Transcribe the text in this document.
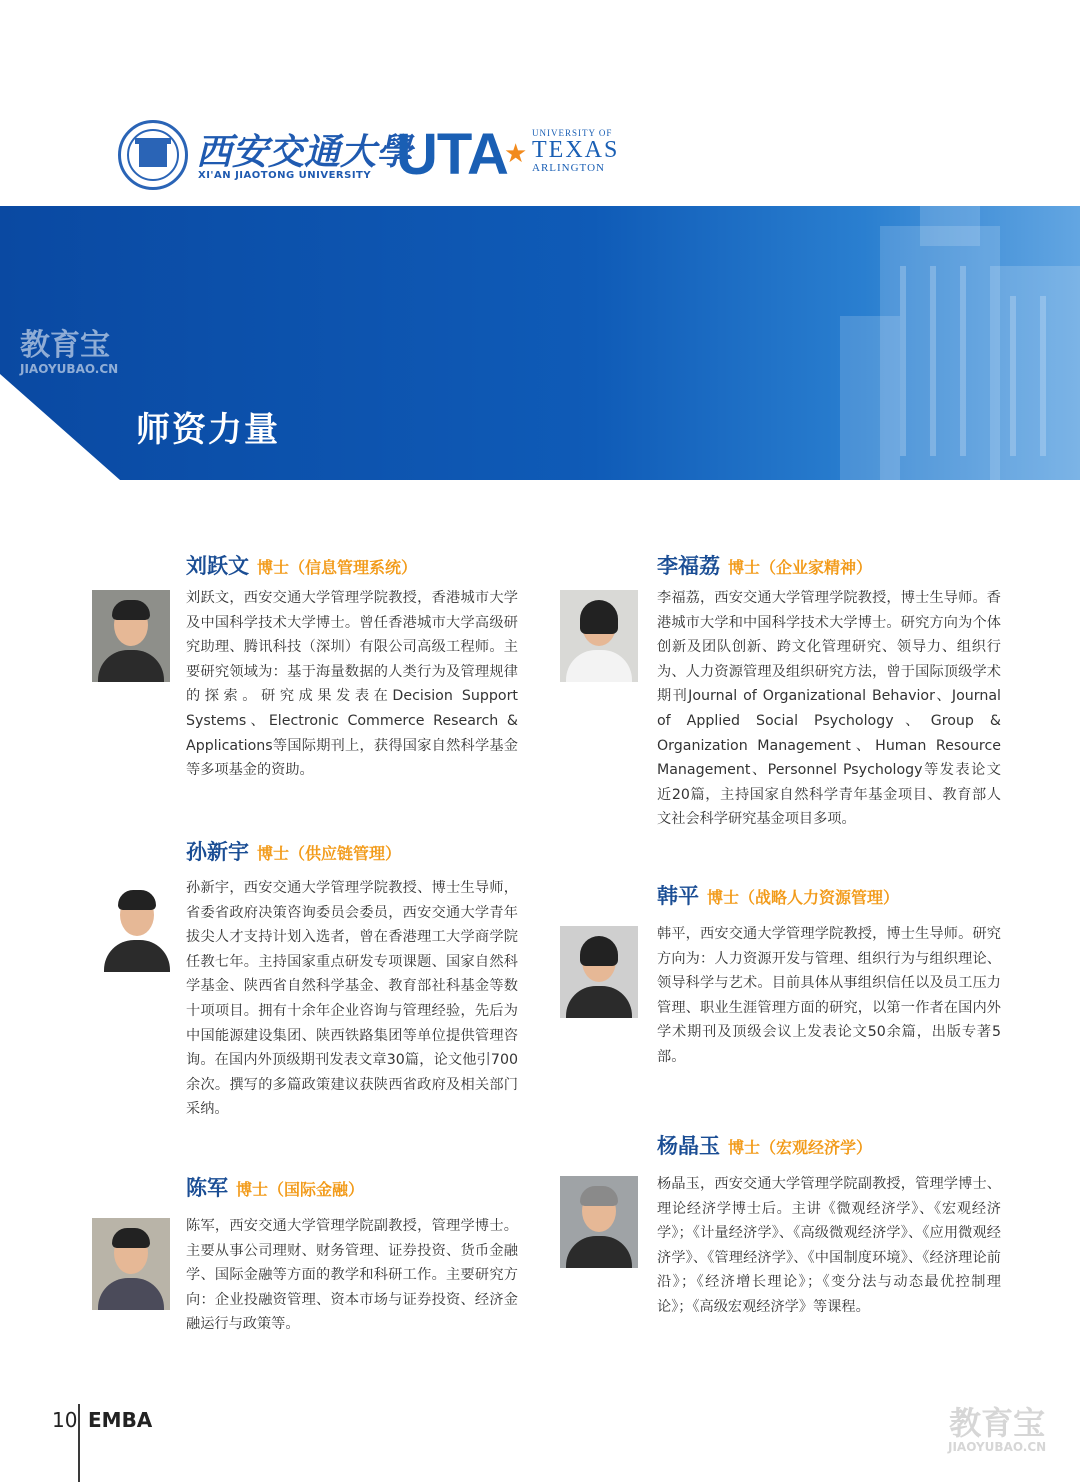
西安交通大學
XI'AN JIAOTONG UNIVERSITY UTA
★
UNIVERSITY OF
TEXAS
ARLINGTON
教育宝
JIAOYUBAO.CN
师资力量
刘跃文 博士（信息管理系统）
刘跃文，西安交通大学管理学院教授，香港城市大学及中国科学技术大学博士。曾任香港城市大学高级研究助理、腾讯科技（深圳）有限公司高级工程师。主要研究领域为：基于海量数据的人类行为及管理规律的探索。研究成果发表在Decision Support Systems、Electronic Commerce Research & Applications等国际期刊上，获得国家自然科学基金等多项基金的资助。
孙新宇 博士（供应链管理）
孙新宇，西安交通大学管理学院教授、博士生导师，省委省政府决策咨询委员会委员，西安交通大学青年拔尖人才支持计划入选者，曾在香港理工大学商学院任教七年。主持国家重点研发专项课题、国家自然科学基金、陕西省自然科学基金、教育部社科基金等数十项项目。拥有十余年企业咨询与管理经验，先后为中国能源建设集团、陕西铁路集团等单位提供管理咨询。在国内外顶级期刊发表文章30篇，论文他引700余次。撰写的多篇政策建议获陕西省政府及相关部门采纳。
陈军 博士（国际金融）
陈军，西安交通大学管理学院副教授，管理学博士。主要从事公司理财、财务管理、证券投资、货币金融学、国际金融等方面的教学和科研工作。主要研究方向：企业投融资管理、资本市场与证券投资、经济金融运行与政策等。
李福荔 博士（企业家精神）
李福荔，西安交通大学管理学院教授，博士生导师。香港城市大学和中国科学技术大学博士。研究方向为个体创新及团队创新、跨文化管理研究、领导力、组织行为、人力资源管理及组织研究方法，曾于国际顶级学术期刊Journal of Organizational Behavior、Journal of Applied Social Psychology、Group & Organization Management、Human Resource Management、Personnel Psychology等发表论文近20篇，主持国家自然科学青年基金项目、教育部人文社会科学研究基金项目多项。
韩平 博士（战略人力资源管理）
韩平，西安交通大学管理学院教授，博士生导师。研究方向为：人力资源开发与管理、组织行为与组织理论、领导科学与艺术。目前具体从事组织信任以及员工压力管理、职业生涯管理方面的研究，以第一作者在国内外学术期刊及顶级会议上发表论文50余篇，出版专著5部。
杨晶玉 博士（宏观经济学）
杨晶玉，西安交通大学管理学院副教授，管理学博士、理论经济学博士后。主讲《微观经济学》、《宏观经济学》；《计量经济学》、《高级微观经济学》、《应用微观经济学》、《管理经济学》、《中国制度环境》、《经济理论前沿》；《经济增长理论》；《变分法与动态最优控制理论》；《高级宏观经济学》等课程。
10 EMBA	教育宝
JIAOYUBAO.CN
